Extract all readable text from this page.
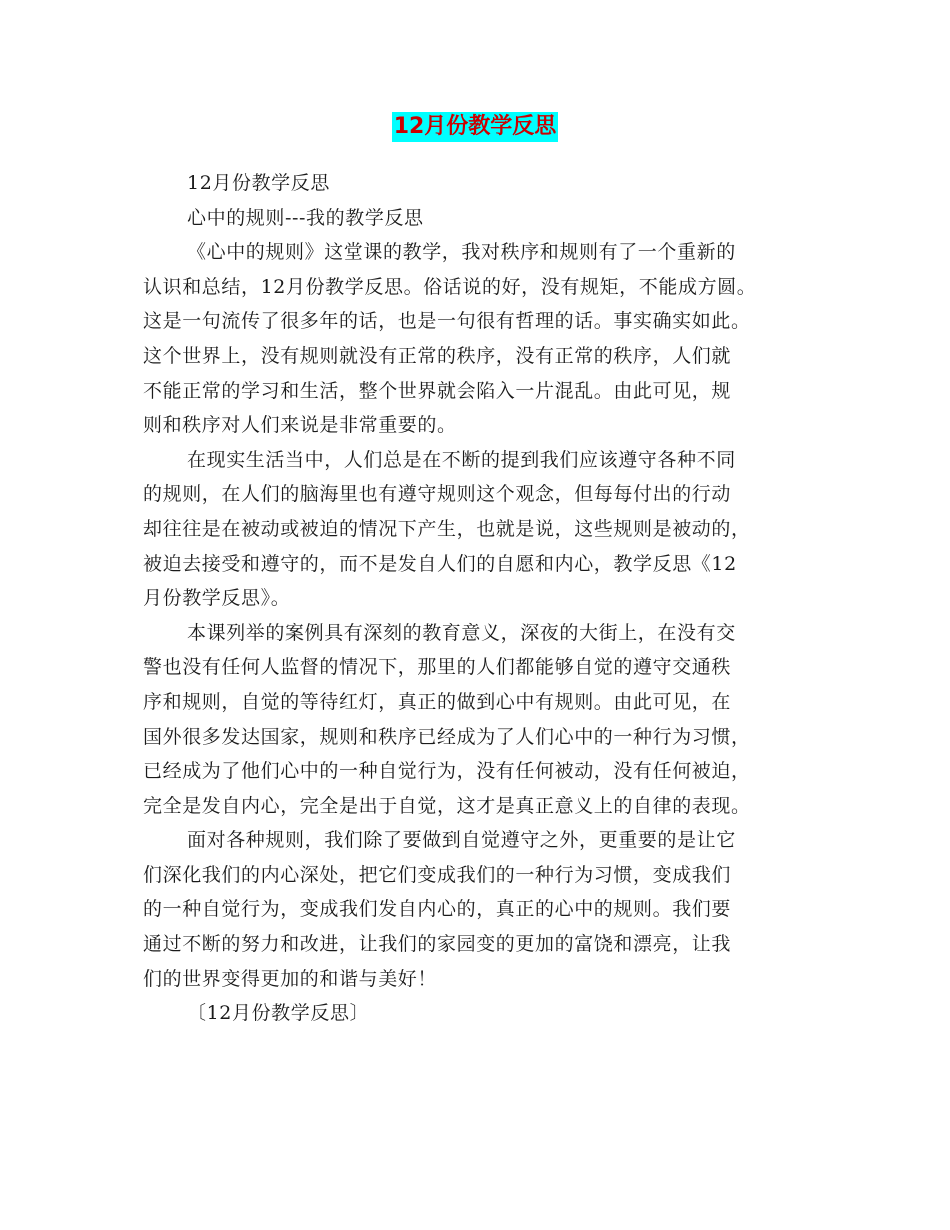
12月份教学反思
12月份教学反思
心中的规则---我的教学反思
《心中的规则》这堂课的教学，我对秩序和规则有了一个重新的
认识和总结，12月份教学反思。俗话说的好，没有规矩，不能成方圆。
这是一句流传了很多年的话，也是一句很有哲理的话。事实确实如此。
这个世界上，没有规则就没有正常的秩序，没有正常的秩序，人们就
不能正常的学习和生活，整个世界就会陷入一片混乱。由此可见，规
则和秩序对人们来说是非常重要的。
在现实生活当中，人们总是在不断的提到我们应该遵守各种不同
的规则，在人们的脑海里也有遵守规则这个观念，但每每付出的行动
却往往是在被动或被迫的情况下产生，也就是说，这些规则是被动的，
被迫去接受和遵守的，而不是发自人们的自愿和内心，教学反思《12
月份教学反思》。
本课列举的案例具有深刻的教育意义，深夜的大街上，在没有交
警也没有任何人监督的情况下，那里的人们都能够自觉的遵守交通秩
序和规则，自觉的等待红灯，真正的做到心中有规则。由此可见，在
国外很多发达国家，规则和秩序已经成为了人们心中的一种行为习惯，
已经成为了他们心中的一种自觉行为，没有任何被动，没有任何被迫，
完全是发自内心，完全是出于自觉，这才是真正意义上的自律的表现。
面对各种规则，我们除了要做到自觉遵守之外，更重要的是让它
们深化我们的内心深处，把它们变成我们的一种行为习惯，变成我们
的一种自觉行为，变成我们发自内心的，真正的心中的规则。我们要
通过不断的努力和改进，让我们的家园变的更加的富饶和漂亮，让我
们的世界变得更加的和谐与美好！
〔12月份教学反思〕
